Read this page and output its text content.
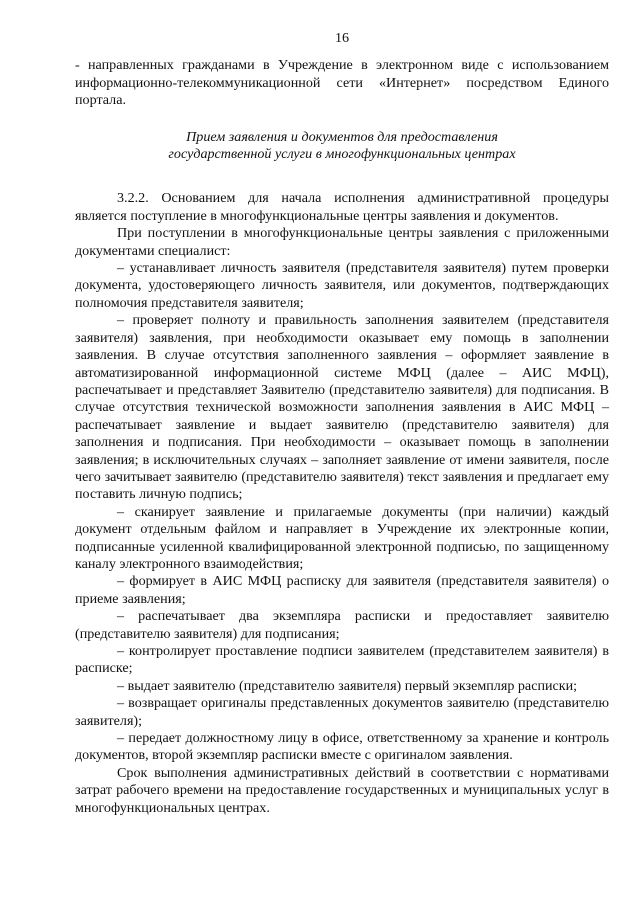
16

- направленных гражданами в Учреждение в электронном виде с использованием информационно-телекоммуникационной сети «Интернет» посредством Единого портала.

Прием заявления и документов для предоставления
государственной услуги в многофункциональных центрах

3.2.2. Основанием для начала исполнения административной процедуры является поступление в многофункциональные центры заявления и документов.

При поступлении в многофункциональные центры заявления с приложенными документами специалист:

– устанавливает личность заявителя (представителя заявителя) путем проверки документа, удостоверяющего личность заявителя, или документов, подтверждающих полномочия представителя заявителя;

– проверяет полноту и правильность заполнения заявителем (представителя заявителя) заявления, при необходимости оказывает ему помощь в заполнении заявления. В случае отсутствия заполненного заявления – оформляет заявление в автоматизированной информационной системе МФЦ (далее – АИС МФЦ), распечатывает и представляет Заявителю (представителю заявителя) для подписания. В случае отсутствия технической возможности заполнения заявления в АИС МФЦ – распечатывает заявление и выдает заявителю (представителю заявителя) для заполнения и подписания. При необходимости – оказывает помощь в заполнении заявления; в исключительных случаях – заполняет заявление от имени заявителя, после чего зачитывает заявителю (представителю заявителя) текст заявления и предлагает ему поставить личную подпись;

– сканирует заявление и прилагаемые документы (при наличии) каждый документ отдельным файлом и направляет в Учреждение их электронные копии, подписанные усиленной квалифицированной электронной подписью, по защищенному каналу электронного взаимодействия;

– формирует в АИС МФЦ расписку для заявителя (представителя заявителя) о приеме заявления;

– распечатывает два экземпляра расписки и предоставляет заявителю (представителю заявителя) для подписания;

– контролирует проставление подписи заявителем (представителем заявителя) в расписке;

– выдает заявителю (представителю заявителя) первый экземпляр расписки;

– возвращает оригиналы представленных документов заявителю (представителю заявителя);

– передает должностному лицу в офисе, ответственному за хранение и контроль документов, второй экземпляр расписки вместе с оригиналом заявления.

Срок выполнения административных действий в соответствии с нормативами затрат рабочего времени на предоставление государственных и муниципальных услуг в многофункциональных центрах.
